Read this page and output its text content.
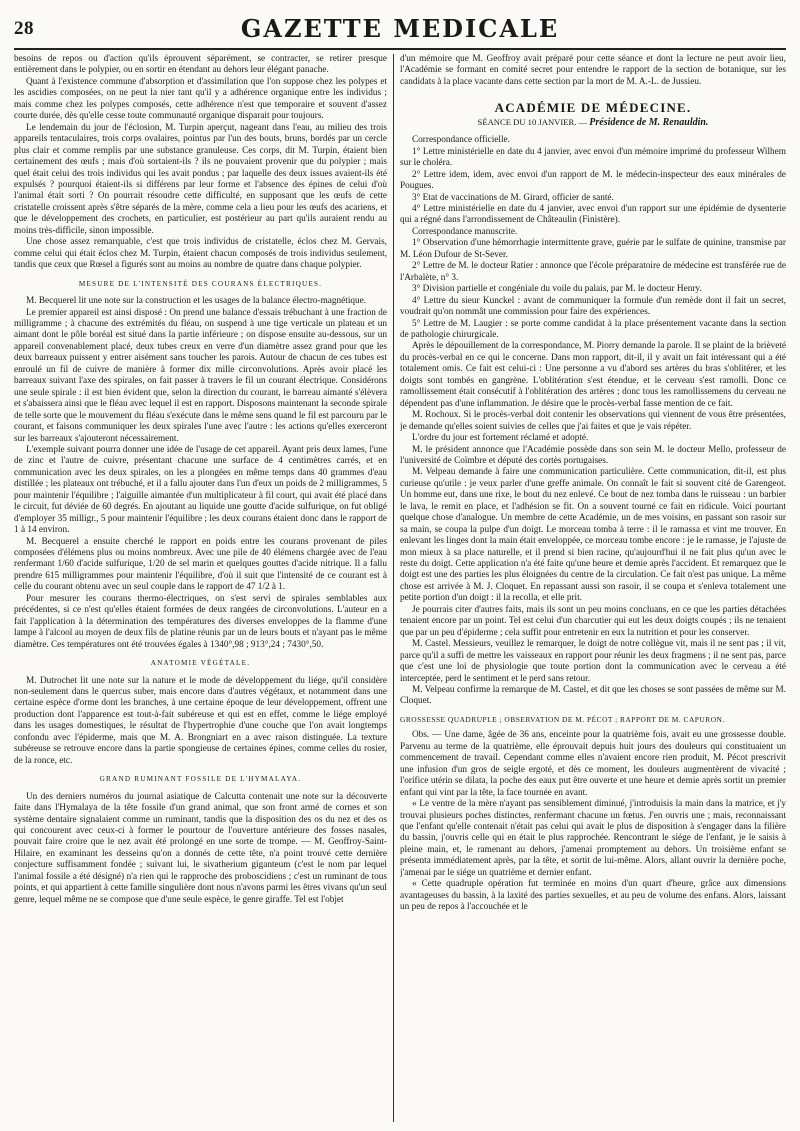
28	GAZETTE MEDICALE

besoins de repos ou d'action qu'ils éprouvent séparément, se contracter, se retirer presque entièrement dans le polypier, ou en sortir en étendant au dehors leur élégant panache.

Quant à l'existence commune d'absorption et d'assimilation que l'on suppose chez les polypes et les ascidies composées, on ne peut la nier tant qu'il y a adhérence organique entre les individus ; mais comme chez les polypes composés, cette adhérence n'est que temporaire et souvent d'assez courte durée, dès qu'elle cesse toute communauté organique disparait pour toujours.

Le lendemain du jour de l'éclosion, M. Turpin aperçut, nageant dans l'eau, au milieu des trois appareils tentaculaires, trois corps ovalaires, pointus par l'un des bouts, bruns, bordés par un cercle plus clair et comme remplis par une substance granuleuse. Ces corps, dit M. Turpin, étaient bien certainement des œufs ; mais d'où sortaient-ils ? ils ne pouvaient provenir que du polypier ; mais quel était celui des trois individus qui les avait pondus ; par laquelle des deux issues avaient-ils été expulsés ? pourquoi étaient-ils si différens par leur forme et l'absence des épines de celui d'où l'animal était sorti ? On pourrait résoudre cette difficulté, en supposant que les œufs de cette cristatelle croissent après s'être séparés de la mère, comme cela a lieu pour les œufs des acariens, et que le développement des crochets, en particulier, est postérieur au part qu'ils auraient rendu au moins très-difficile, sinon impossible.

Une chose assez remarquable, c'est que trois individus de cristatelle, éclos chez M. Gervais, comme celui qui était éclos chez M. Turpin, étaient chacun composés de trois individus seulement, tandis que ceux que Rœsel a figurés sont au moins au nombre de quatre dans chaque polypier.

MESURE DE L'INTENSITÉ DES COURANS ÉLECTRIQUES.

M. Becquerel lit une note sur la construction et les usages de la balance électro-magnétique.

Le premier appareil est ainsi disposé : On prend une balance d'essais trébuchant à une fraction de milligramme ; à chacune des extrémités du fléau, on suspend à une tige verticale un plateau et un aimant dont le pôle boréal est situé dans la partie inférieure ; on dispose ensuite au-dessous, sur un appareil convenablement placé, deux tubes creux en verre d'un diamètre assez grand pour que les deux barreaux puissent y entrer aisément sans toucher les parois. Autour de chacun de ces tubes est enroulé un fil de cuivre de manière à former dix mille circonvolutions. Après avoir placé les barreaux suivant l'axe des spirales, on fait passer à travers le fil un courant électrique. Considérons une seule spirale : il est bien évident que, selon la direction du courant, le barreau aimanté s'élèvera et s'abaissera ainsi que le fléau avec lequel il est en rapport. Disposons maintenant la seconde spirale de telle sorte que le mouvement du fléau s'exécute dans le même sens quand le fil est parcouru par le courant, et faisons communiquer les deux spirales l'une avec l'autre : les actions qu'elles exerceront sur les barreaux s'ajouteront nécessairement.

L'exemple suivant pourra donner une idée de l'usage de cet appareil. Ayant pris deux lames, l'une de zinc et l'autre de cuivre, présentant chacune une surface de 4 centimètres carrés, et en communication avec les deux spirales, on les a plongées en même temps dans 40 grammes d'eau distillée ; les plateaux ont trébuché, et il a fallu ajouter dans l'un d'eux un poids de 2 milligrammes, 5 pour maintenir l'équilibre ; l'aiguille aimantée d'un multiplicateur à fil court, qui avait été placé dans le circuit, fut déviée de 60 degrés. En ajoutant au liquide une goutte d'acide sulfurique, on fut obligé d'employer 35 milligr., 5 pour maintenir l'équilibre ; les deux courans étaient donc dans le rapport de 1 à 14 environ.

M. Becquerel a ensuite cherché le rapport en poids entre les courans provenant de piles composées d'élémens plus ou moins nombreux. Avec une pile de 40 élémens chargée avec de l'eau renfermant 1/60 d'acide sulfurique, 1/20 de sel marin et quelques gouttes d'acide nitrique. Il a fallu prendre 615 milligrammes pour maintenir l'équilibre, d'où il suit que l'intensité de ce courant est à celle du courant obtenu avec un seul couple dans le rapport de 47 1/2 à 1.

Pour mesurer les courans thermo-électriques, on s'est servi de spirales semblables aux précédentes, si ce n'est qu'elles étaient formées de deux rangées de circonvolutions. L'auteur en a fait l'application à la détermination des températures des diverses enveloppes de la flamme d'une lampe à l'alcool au moyen de deux fils de platine réunis par un de leurs bouts et n'ayant pas le même diamètre. Ces températures ont été trouvées égales à 1340°,98 ; 913°,24 ; 7430°,50.

ANATOMIE VÉGÉTALE.

M. Dutrochet lit une note sur la nature et le mode de développement du liége, qu'il considère non-seulement dans le quercus suber, mais encore dans d'autres végétaux, et notamment dans une certaine espèce d'orme dont les branches, à une certaine époque de leur développement, offrent une production dont l'apparence est tout-à-fait subéreuse et qui est en effet, comme le liége employé dans les usages domestiques, le résultat de l'hypertrophie d'une couche que l'on avait longtemps confondu avec l'épiderme, mais que M. A. Brongniart en a avec raison distinguée. La texture subéreuse se retrouve encore dans la partie spongieuse de certaines épines, comme celles du rosier, de la ronce, etc.

GRAND RUMINANT FOSSILE DE L'HYMALAYA.

Un des derniers numéros du journal asiatique de Calcutta contenait une note sur la découverte faite dans l'Hymalaya de la tête fossile d'un grand animal, que son front armé de cornes et son système dentaire signalaient comme un ruminant, tandis que la disposition des os du nez et des os qui concourent avec ceux-ci à former le pourtour de l'ouverture antérieure des fosses nasales, pouvait faire croire que le nez avait été prolongé en une sorte de trompe. — M. Geoffroy-Saint-Hilaire, en examinant les desseins qu'on a donnés de cette tête, n'a point trouvé cette dernière conjecture suffisamment fondée ; suivant lui, le sivatherium giganteum (c'est le nom par lequel l'animal fossile a été désigné) n'a rien qui le rapproche des proboscidiens ; c'est un ruminant de tous points, et qui appartient à cette famille singulière dont nous n'avons parmi les êtres vivans qu'un seul genre, lequel même ne se compose que d'une seule espèce, le genre giraffe. Tel est l'objet

d'un mémoire que M. Geoffroy avait préparé pour cette séance et dont la lecture ne peut avoir lieu, l'Académie se formant en comité secret pour entendre le rapport de la section de botanique, sur les candidats à la place vacante dans cette section par la mort de M. A.-L. de Jussieu.

ACADÉMIE DE MÉDECINE.
SÉANCE DU 10 JANVIER. — Présidence de M. Renauldin.

Correspondance officielle.

1° Lettre ministérielle en date du 4 janvier, avec envoi d'un mémoire imprimé du professeur Wilhem sur le choléra.

2° Lettre idem, idem, avec envoi d'un rapport de M. le médecin-inspecteur des eaux minérales de Pougues.

3° Etat de vaccinations de M. Girard, officier de santé.

4° Lettre ministérielle en date du 4 janvier, avec envoi d'un rapport sur une épidémie de dysenterie qui a régné dans l'arrondissement de Châteaulin (Finistère).

Correspondance manuscrite.

1° Observation d'une hémorrhagie intermittente grave, guérie par le sulfate de quinine, transmise par M. Léon Dufour de St-Sever.

2° Lettre de M. le docteur Ratier : annonce que l'école préparatoire de médecine est transférée rue de l'Arbalète, n° 3.

3° Division partielle et congéniale du voile du palais, par M. le docteur Henry.

4° Lettre du sieur Kunckel : avant de communiquer la formule d'un remède dont il fait un secret, voudrait qu'on nommât une commission pour faire des expériences.

5° Lettre de M. Laugier : se porte comme candidat à la place présentement vacante dans la section de pathologie chirurgicale.

Après le dépouillement de la correspondance, M. Piorry demande la parole. Il se plaint de la brièveté du procès-verbal en ce qui le concerne. Dans mon rapport, dit-il, il y avait un fait intéressant qui a été totalement omis. Ce fait est celui-ci : Une personne a vu d'abord ses artères du bras s'oblitérer, et les doigts sont tombés en gangrène. L'oblitération s'est étendue, et le cerveau s'est ramolli. Donc ce ramollissement était consécutif à l'oblitération des artères ; donc tous les ramollissemens du cerveau ne dépendent pas d'une inflammation. Je désire que le procès-verbal fasse mention de ce fait.

M. Rochoux. Si le procès-verbal doit contenir les observations qui viennent de vous être présentées, je demande qu'elles soient suivies de celles que j'ai faites et que je vais répéter.

L'ordre du jour est fortement réclamé et adopté.

M. le président annonce que l'Académie possède dans son sein M. le docteur Mello, professeur de l'université de Coïmbre et député des cortès portugaises.

M. Velpeau demande à faire une communication particulière. Cette communication, dit-il, est plus curieuse qu'utile : je veux parler d'une greffe animale. On connaît le fait si souvent cité de Garengeot. Un homme eut, dans une rixe, le bout du nez enlevé. Ce bout de nez tomba dans le ruisseau : un barbier le lava, le remit en place, et l'adhésion se fit. On a souvent tourné ce fait en ridicule. Voici pourtant quelque chose d'analogue. Un membre de cette Académie, un de mes voisins, en passant son rasoir sur sa main, se coupa la pulpe d'un doigt. Le morceau tomba à terre : il le ramassa et vint me trouver. En enlevant les linges dont la main était enveloppée, ce morceau tombe encore : je le ramasse, je l'ajuste de mon mieux à sa place naturelle, et il prend si bien racine, qu'aujourd'hui il ne fait plus qu'un avec le reste du doigt. Cette application n'a été faite qu'une heure et demie après l'accident. Et remarquez que le doigt est une des parties les plus éloignées du centre de la circulation. Ce fait n'est pas unique. La même chose est arrivée à M. J. Cloquet. En repassant aussi son rasoir, il se coupa et s'enleva totalement une petite portion d'un doigt : il la recolla, et elle prit.

Je pourrais citer d'autres faits, mais ils sont un peu moins concluans, en ce que les parties détachées tenaient encore par un point. Tel est celui d'un charcutier qui eut les deux doigts coupés ; ils ne tenaient que par un peu d'épiderme ; cela suffit pour entretenir en eux la nutrition et pour les conserver.

M. Castel. Messieurs, veuillez le remarquer, le doigt de notre collègue vit, mais il ne sent pas ; il vit, parce qu'il a suffi de mettre les vaisseaux en rapport pour réunir les deux fragmens ; il ne sent pas, parce que c'est une loi de physiologie que toute portion dont la communication avec le cerveau a été interceptée, perd le sentiment et le perd sans retour.

M. Velpeau confirme la remarque de M. Castel, et dit que les choses se sont passées de même sur M. Cloquet.

GROSSESSE QUADRUPLE ; OBSERVATION DE M. PÉCOT ; RAPPORT DE M. CAPURON.

Obs. — Une dame, âgée de 36 ans, enceinte pour la quatrième fois, avait eu une grossesse double. Parvenu au terme de la quatrième, elle éprouvait depuis huit jours des douleurs qui constituaient un commencement de travail. Cependant comme elles n'avaient encore rien produit, M. Pécot prescrivit une infusion d'un gros de seigle ergoté, et dès ce moment, les douleurs augmentèrent de vivacité ; l'orifice utérin se dilata, la poche des eaux put être ouverte et une heure et demie après sortit un premier enfant qui vint par la tête, la face tournée en avant.

« Le ventre de la mère n'ayant pas sensiblement diminué, j'introduisis la main dans la matrice, et j'y trouvai plusieurs poches distinctes, renfermant chacune un fœtus. J'en ouvris une ; mais, reconnaissant que l'enfant qu'elle contenait n'était pas celui qui avait le plus de disposition à s'engager dans la filière du bassin, j'ouvris celle qui en était le plus rapprochée. Rencontrant le siége de l'enfant, je le saisis à pleine main, et, le ramenant au dehors, j'amenai promptement au dehors. Un troisième enfant se présenta immédiatement après, par la tête, et sortit de lui-même. Alors, allant ouvrir la dernière poche, j'amenai par le siége un quatrième et dernier enfant.

« Cette quadruple opération fut terminée en moins d'un quart d'heure, grâce aux dimensions avantageuses du bassin, à la laxité des parties sexuelles, et au peu de volume des enfans. Alors, laissant un peu de repos à l'accouchée et le
